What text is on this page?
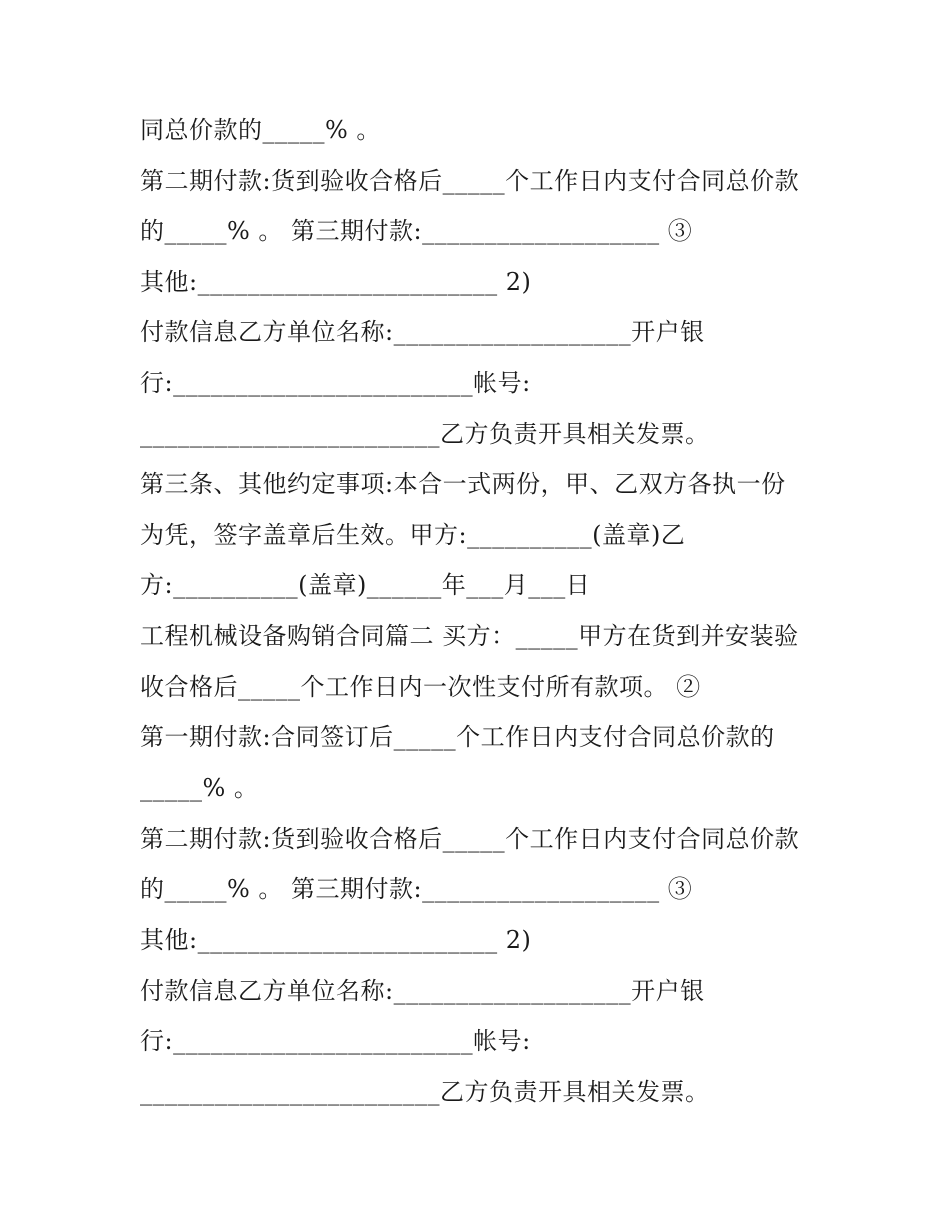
同总价款的_____% 。
第二期付款:货到验收合格后_____个工作日内支付合同总价款
的_____% 。 第三期付款:___________________ ③
其他:________________________ 2)
付款信息乙方单位名称:___________________开户银
行:________________________帐号:
________________________乙方负责开具相关发票。
第三条、其他约定事项:本合一式两份，甲、乙双方各执一份
为凭，签字盖章后生效。甲方:__________(盖章)乙
方:__________(盖章)______年___月___日
工程机械设备购销合同篇二 买方：_____甲方在货到并安装验
收合格后_____个工作日内一次性支付所有款项。 ②
第一期付款:合同签订后_____个工作日内支付合同总价款的
_____% 。
第二期付款:货到验收合格后_____个工作日内支付合同总价款
的_____% 。 第三期付款:___________________ ③
其他:________________________ 2)
付款信息乙方单位名称:___________________开户银
行:________________________帐号:
________________________乙方负责开具相关发票。
